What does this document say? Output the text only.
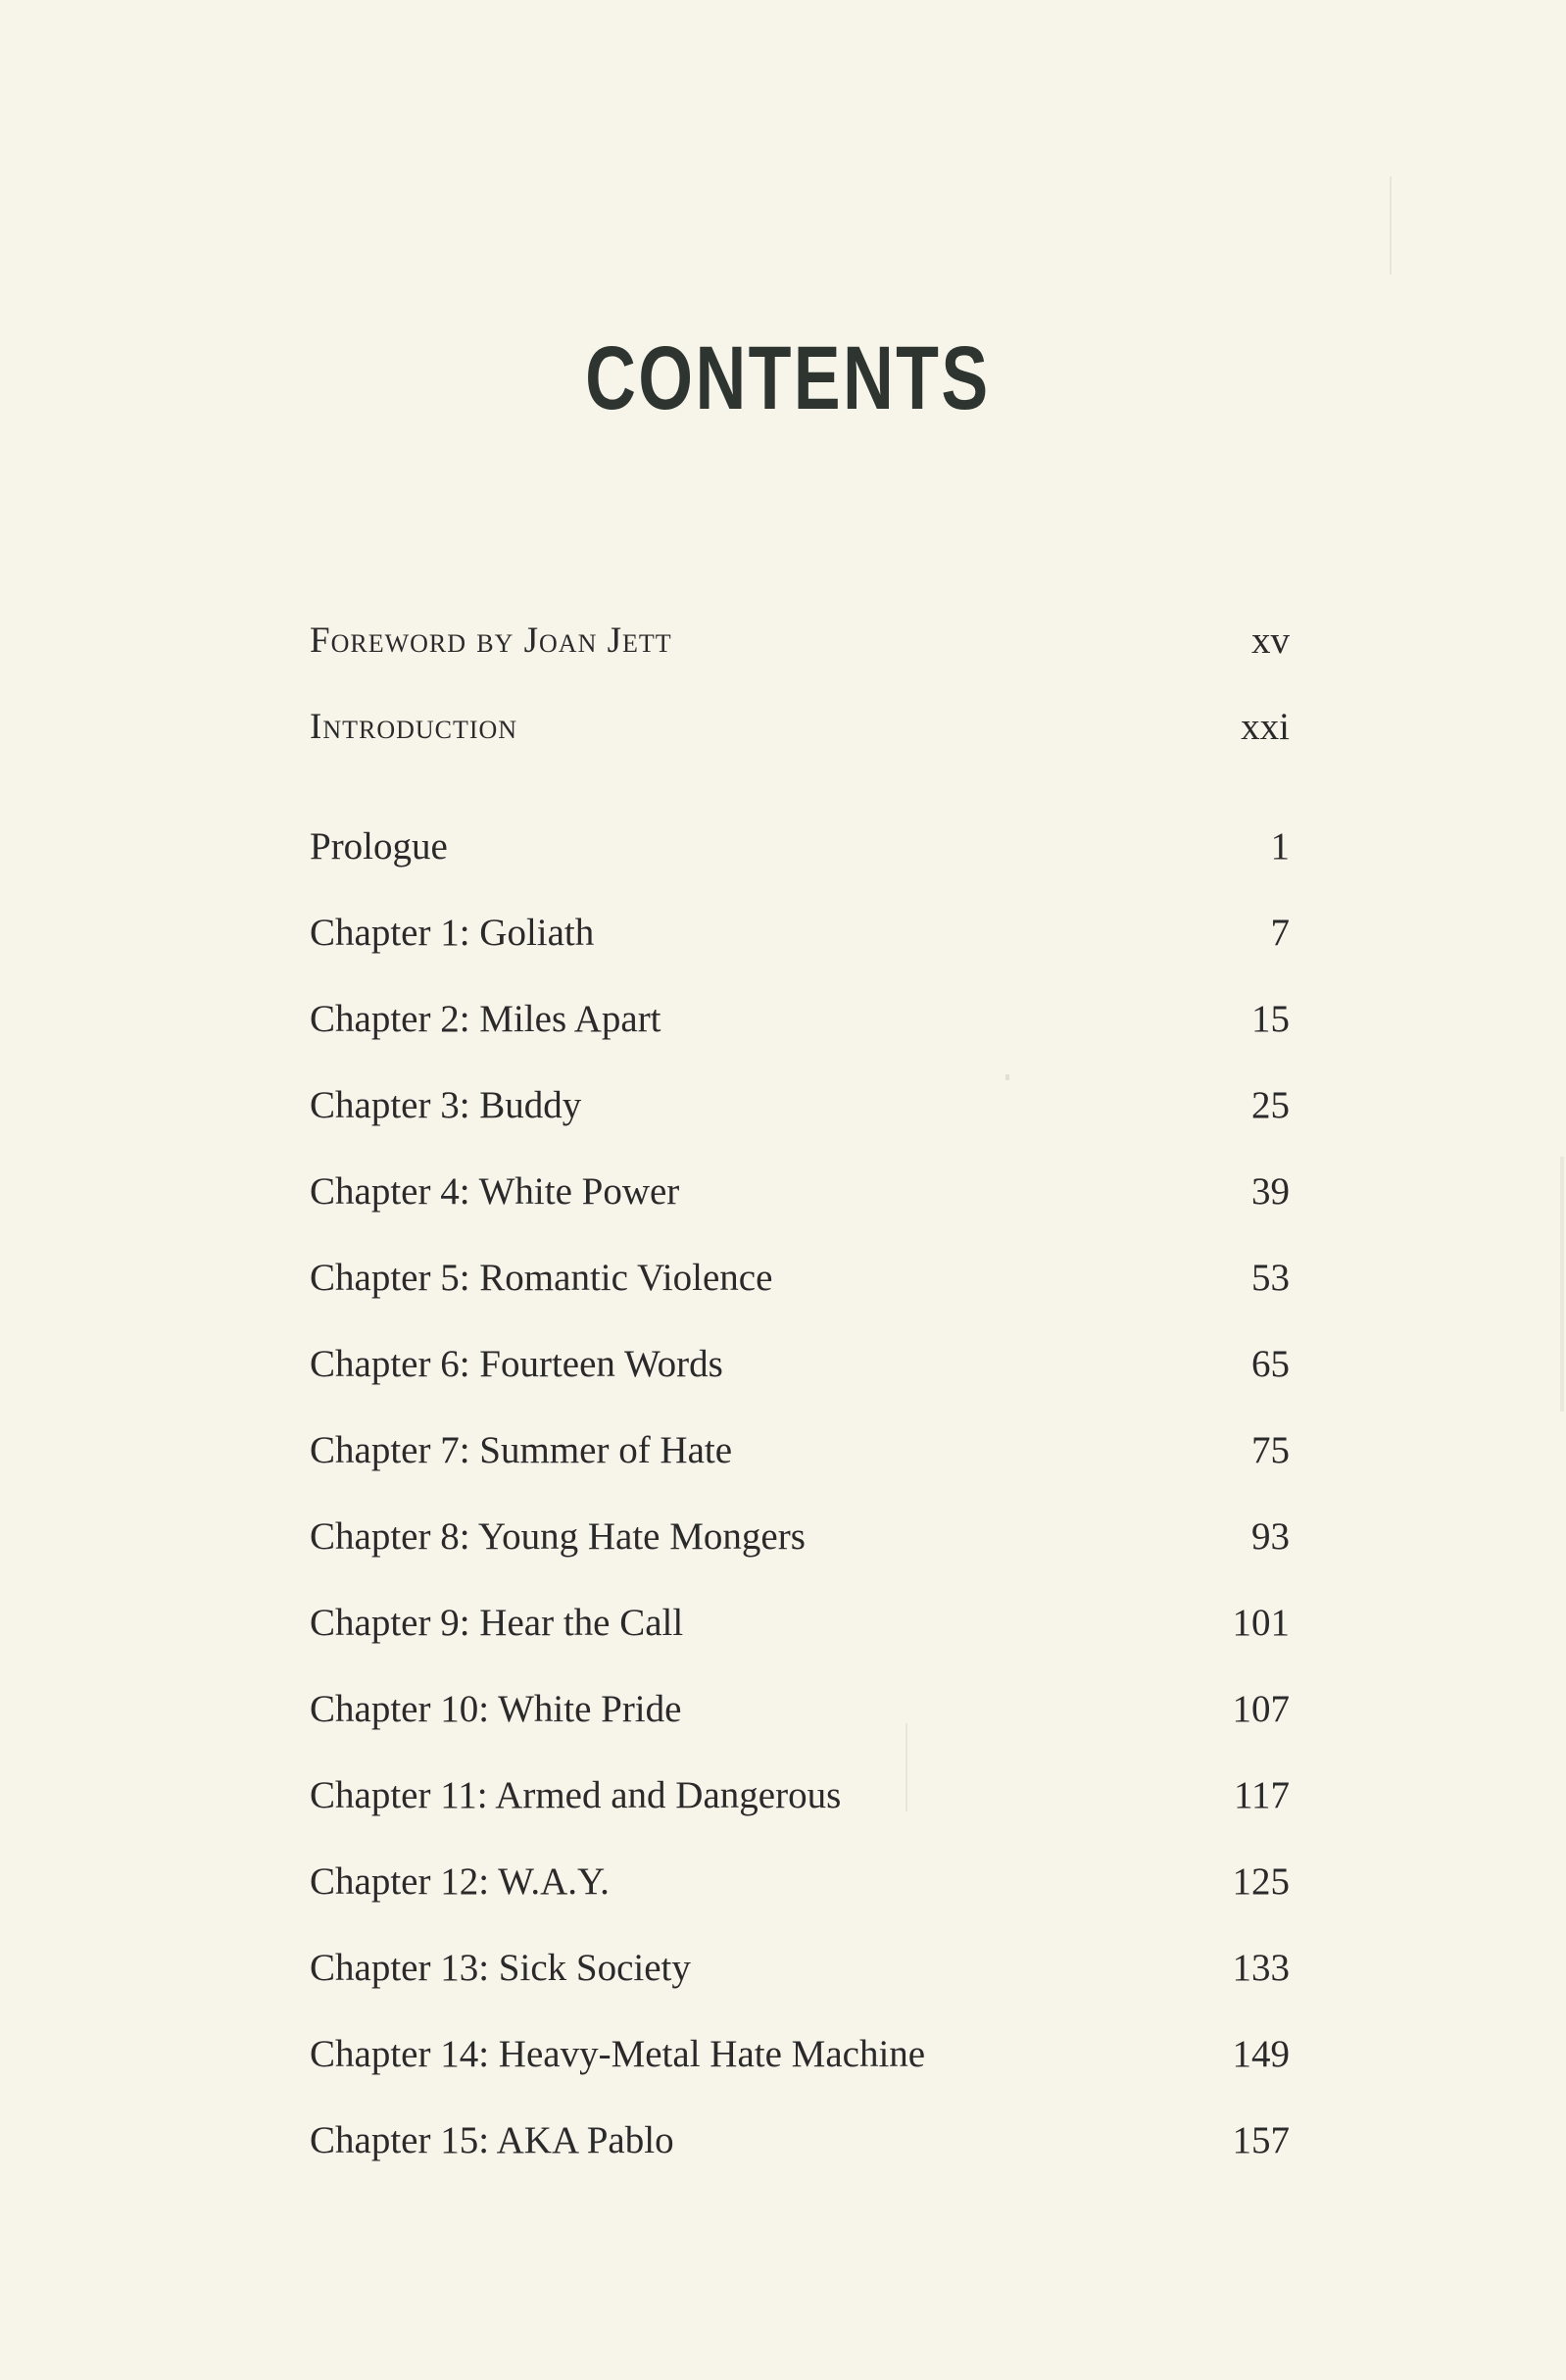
CONTENTS
Foreword by Joan Jett	xv
Introduction	xxi
Prologue	1
Chapter 1: Goliath	7
Chapter 2: Miles Apart	15
Chapter 3: Buddy	25
Chapter 4: White Power	39
Chapter 5: Romantic Violence	53
Chapter 6: Fourteen Words	65
Chapter 7: Summer of Hate	75
Chapter 8: Young Hate Mongers	93
Chapter 9: Hear the Call	101
Chapter 10: White Pride	107
Chapter 11: Armed and Dangerous	117
Chapter 12: W.A.Y.	125
Chapter 13: Sick Society	133
Chapter 14: Heavy-Metal Hate Machine	149
Chapter 15: AKA Pablo	157
